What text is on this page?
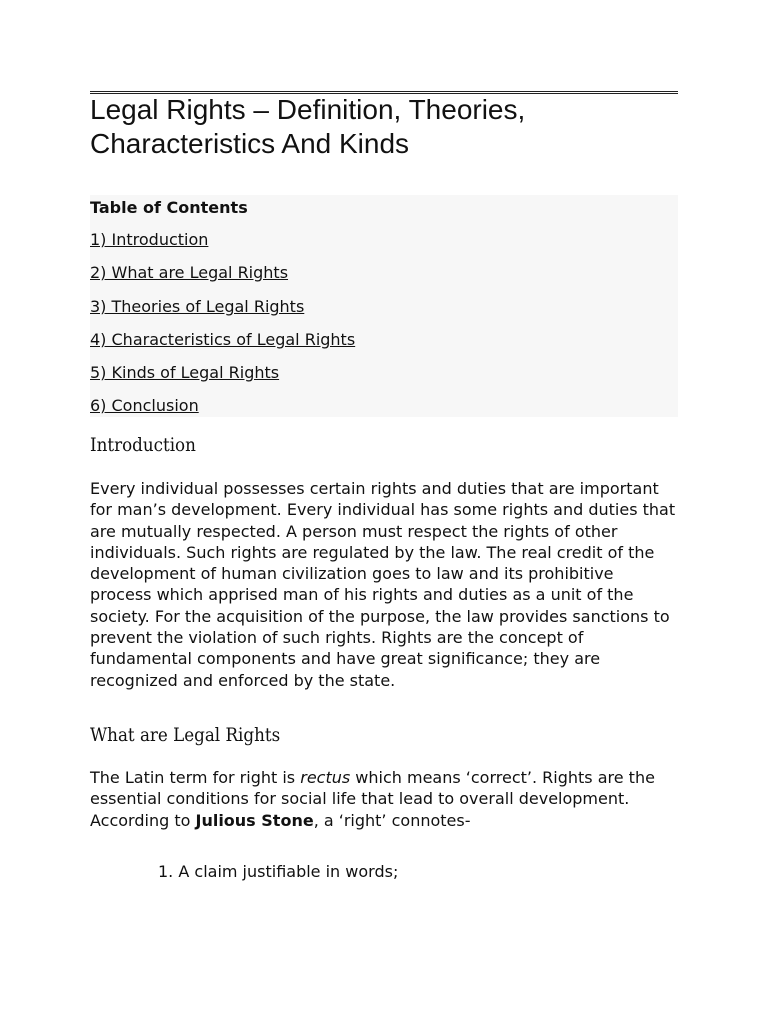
Legal Rights – Definition, Theories, Characteristics And Kinds

Table of Contents

1) Introduction
2) What are Legal Rights
3) Theories of Legal Rights
4) Characteristics of Legal Rights
5) Kinds of Legal Rights
6) Conclusion
Introduction

Every individual possesses certain rights and duties that are important for man’s development. Every individual has some rights and duties that are mutually respected. A person must respect the rights of other individuals. Such rights are regulated by the law. The real credit of the development of human civilization goes to law and its prohibitive process which apprised man of his rights and duties as a unit of the society. For the acquisition of the purpose, the law provides sanctions to prevent the violation of such rights. Rights are the concept of fundamental components and have great significance; they are recognized and enforced by the state.

What are Legal Rights

The Latin term for right is rectus which means ‘correct’. Rights are the essential conditions for social life that lead to overall development. According to Julious Stone, a ‘right’ connotes-

1. A claim justifiable in words;
